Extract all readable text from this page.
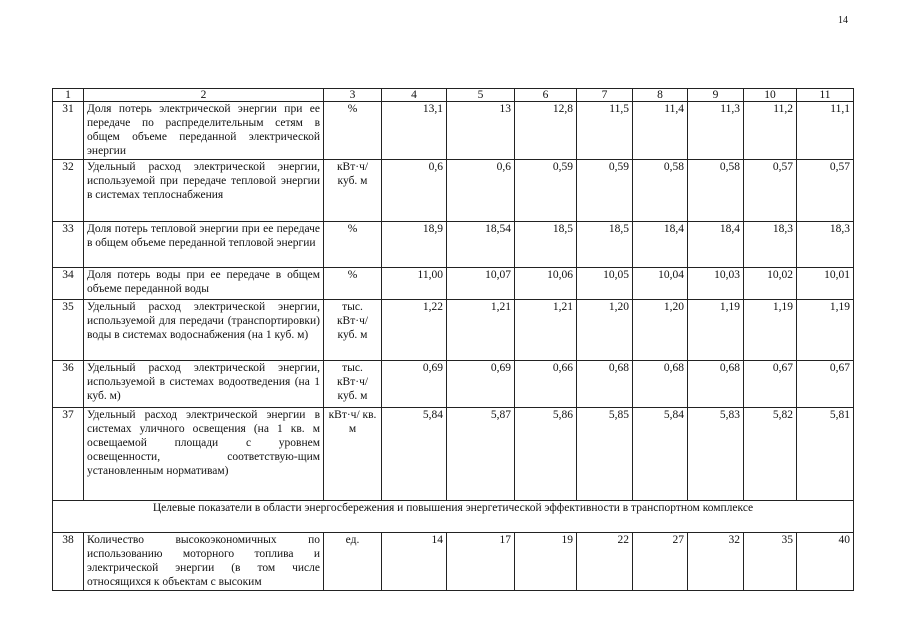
14
1	2	3	4	5	6	7	8	9	10	11
31	Доля потерь электрической энергии при ее передаче по распределительным сетям в общем объеме переданной электрической энергии	%	13,1	13	12,8	11,5	11,4	11,3	11,2	11,1
32	Удельный расход электрической энергии, используемой при передаче тепловой энергии в системах теплоснабжения	кВт·ч/ куб. м	0,6	0,6	0,59	0,59	0,58	0,58	0,57	0,57
33	Доля потерь тепловой энергии при ее передаче в общем объеме переданной тепловой энергии	%	18,9	18,54	18,5	18,5	18,4	18,4	18,3	18,3
34	Доля потерь воды при ее передаче в общем объеме переданной воды	%	11,00	10,07	10,06	10,05	10,04	10,03	10,02	10,01
35	Удельный расход электрической энергии, используемой для передачи (транспортировки) воды в системах водоснабжения (на 1 куб. м)	тыс. кВт·ч/ куб. м	1,22	1,21	1,21	1,20	1,20	1,19	1,19	1,19
36	Удельный расход электрической энергии, используемой в системах водоотведения (на 1 куб. м)	тыс. кВт·ч/ куб. м	0,69	0,69	0,66	0,68	0,68	0,68	0,67	0,67
37	Удельный расход электрической энергии в системах уличного освещения (на 1 кв. м освещаемой площади с уровнем освещенности, соответствую-щим установленным нормативам)	кВт·ч/ кв. м	5,84	5,87	5,86	5,85	5,84	5,83	5,82	5,81
Целевые показатели в области энергосбережения и повышения энергетической эффективности в транспортном комплексе										
38	Количество высокоэкономичных по использованию моторного топлива и электрической энергии (в том числе относящихся к объектам с высоким	ед.	14	17	19	22	27	32	35	40
